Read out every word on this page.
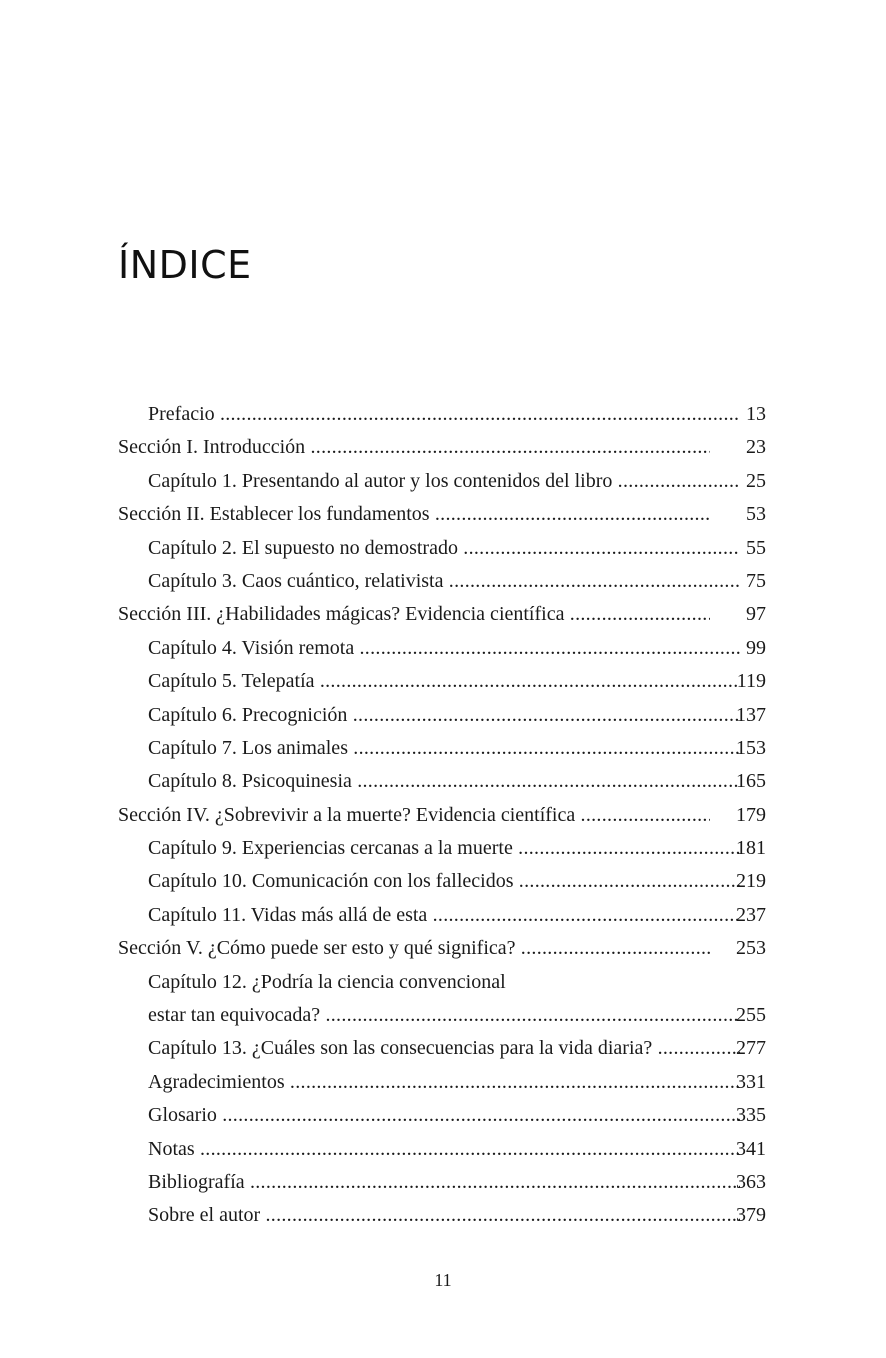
ÍNDICE
Prefacio .....	13
Sección I. Introducción .....	23
Capítulo 1. Presentando al autor y los contenidos del libro .....	25
Sección II. Establecer los fundamentos .....	53
Capítulo 2. El supuesto no demostrado .....	55
Capítulo 3. Caos cuántico, relativista .....	75
Sección III. ¿Habilidades mágicas? Evidencia científica .....	97
Capítulo 4. Visión remota .....	99
Capítulo 5. Telepatía .....	119
Capítulo 6. Precognición .....	137
Capítulo 7. Los animales .....	153
Capítulo 8. Psicoquinesia .....	165
Sección IV. ¿Sobrevivir a la muerte? Evidencia científica .....	179
Capítulo 9. Experiencias cercanas a la muerte .....	181
Capítulo 10. Comunicación con los fallecidos .....	219
Capítulo 11. Vidas más allá de esta .....	237
Sección V. ¿Cómo puede ser esto y qué significa? .....	253
Capítulo 12. ¿Podría la ciencia convencional
estar tan equivocada? .....	255
Capítulo 13. ¿Cuáles son las consecuencias para la vida diaria? .....	277
Agradecimientos .....	331
Glosario .....	335
Notas .....	341
Bibliografía .....	363
Sobre el autor .....	379
11
